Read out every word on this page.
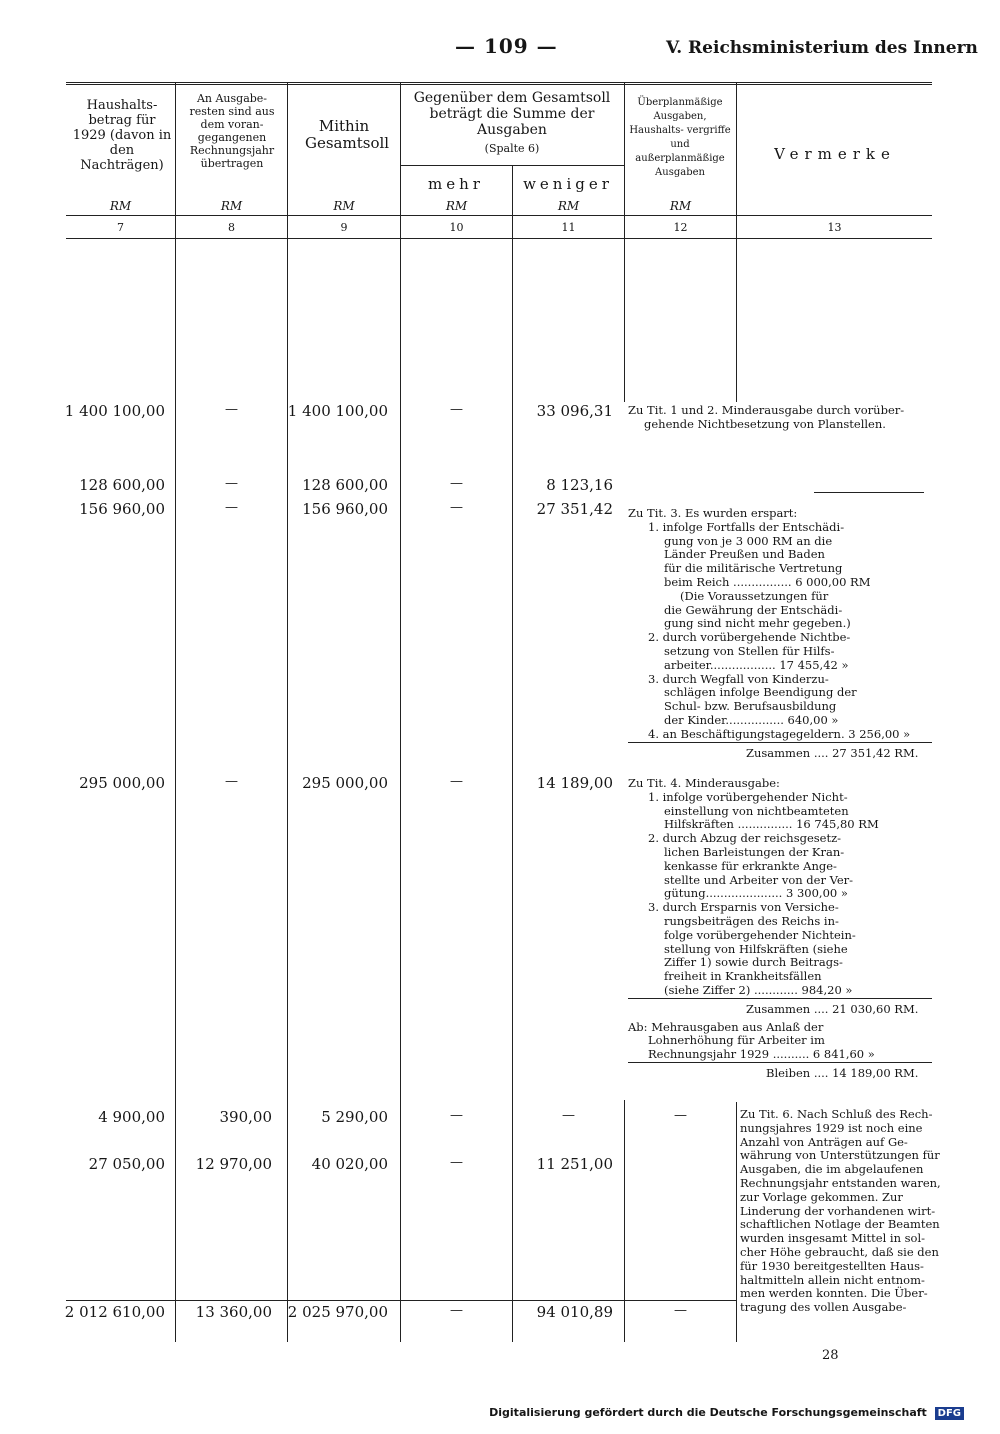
— 109 —	V. Reichsministerium des Innern
Haushalts- betrag für 1929 (davon in den Nachträgen)
An Ausgabe- resten sind aus dem voran- gegangenen Rechnungsjahr übertragen
Mithin Gesamtsoll
Gegenüber dem Gesamtsoll beträgt die Summe der Ausgaben
(Spalte 6)
mehr	weniger
Überplanmäßige Ausgaben, Haushalts- vergriffe und außerplanmäßige Ausgaben
Vermerke
RM	RM	RM	RM	RM	RM
7	8	9	10	11	12	13
1 400 100,00	—	1 400 100,00	—	33 096,31
128 600,00	—	128 600,00	—	8 123,16
156 960,00	—	156 960,00	—	27 351,42
295 000,00	—	295 000,00	—	14 189,00
4 900,00	390,00	5 290,00	—	—	—
27 050,00	12 970,00	40 020,00	—	11 251,00
2 012 610,00	13 360,00	2 025 970,00	—	94 010,89	—
Zu Tit. 1 und 2. Minderausgabe durch vorüber-
gehende Nichtbesetzung von Planstellen.
Zu Tit. 3. Es wurden erspart:
1. infolge Fortfalls der Entschädi-
gung von je 3 000 RM an die
Länder Preußen und Baden
für die militärische Vertretung
beim Reich ................ 6 000,00 RM
(Die Voraussetzungen für
die Gewährung der Entschädi-
gung sind nicht mehr gegeben.)
2. durch vorübergehende Nichtbe-
setzung von Stellen für Hilfs-
arbeiter.................. 17 455,42 »
3. durch Wegfall von Kinderzu-
schlägen infolge Beendigung der
Schul- bzw. Berufsausbildung
der Kinder................ 640,00 »
4. an Beschäftigungstagegeldern. 3 256,00 »
Zusammen .... 27 351,42 RM.
Zu Tit. 4. Minderausgabe:
1. infolge vorübergehender Nicht-
einstellung von nichtbeamteten
Hilfskräften ............... 16 745,80 RM
2. durch Abzug der reichsgesetz-
lichen Barleistungen der Kran-
kenkasse für erkrankte Ange-
stellte und Arbeiter von der Ver-
gütung..................... 3 300,00 »
3. durch Ersparnis von Versiche-
rungsbeiträgen des Reichs in-
folge vorübergehender Nichtein-
stellung von Hilfskräften (siehe
Ziffer 1) sowie durch Beitrags-
freiheit in Krankheitsfällen
(siehe Ziffer 2) ............ 984,20 »
Zusammen .... 21 030,60 RM.
Ab: Mehrausgaben aus Anlaß der
Lohnerhöhung für Arbeiter im
Rechnungsjahr 1929 .......... 6 841,60 »
Bleiben .... 14 189,00 RM.
Zu Tit. 6. Nach Schluß des Rech-
nungsjahres 1929 ist noch eine
Anzahl von Anträgen auf Ge-
währung von Unterstützungen für
Ausgaben, die im abgelaufenen
Rechnungsjahr entstanden waren,
zur Vorlage gekommen. Zur
Linderung der vorhandenen wirt-
schaftlichen Notlage der Beamten
wurden insgesamt Mittel in sol-
cher Höhe gebraucht, daß sie den
für 1930 bereitgestellten Haus-
haltmitteln allein nicht entnom-
men werden konnten. Die Über-
tragung des vollen Ausgabe-
28
Digitalisierung gefördert durch die Deutsche Forschungsgemeinschaft DFG
